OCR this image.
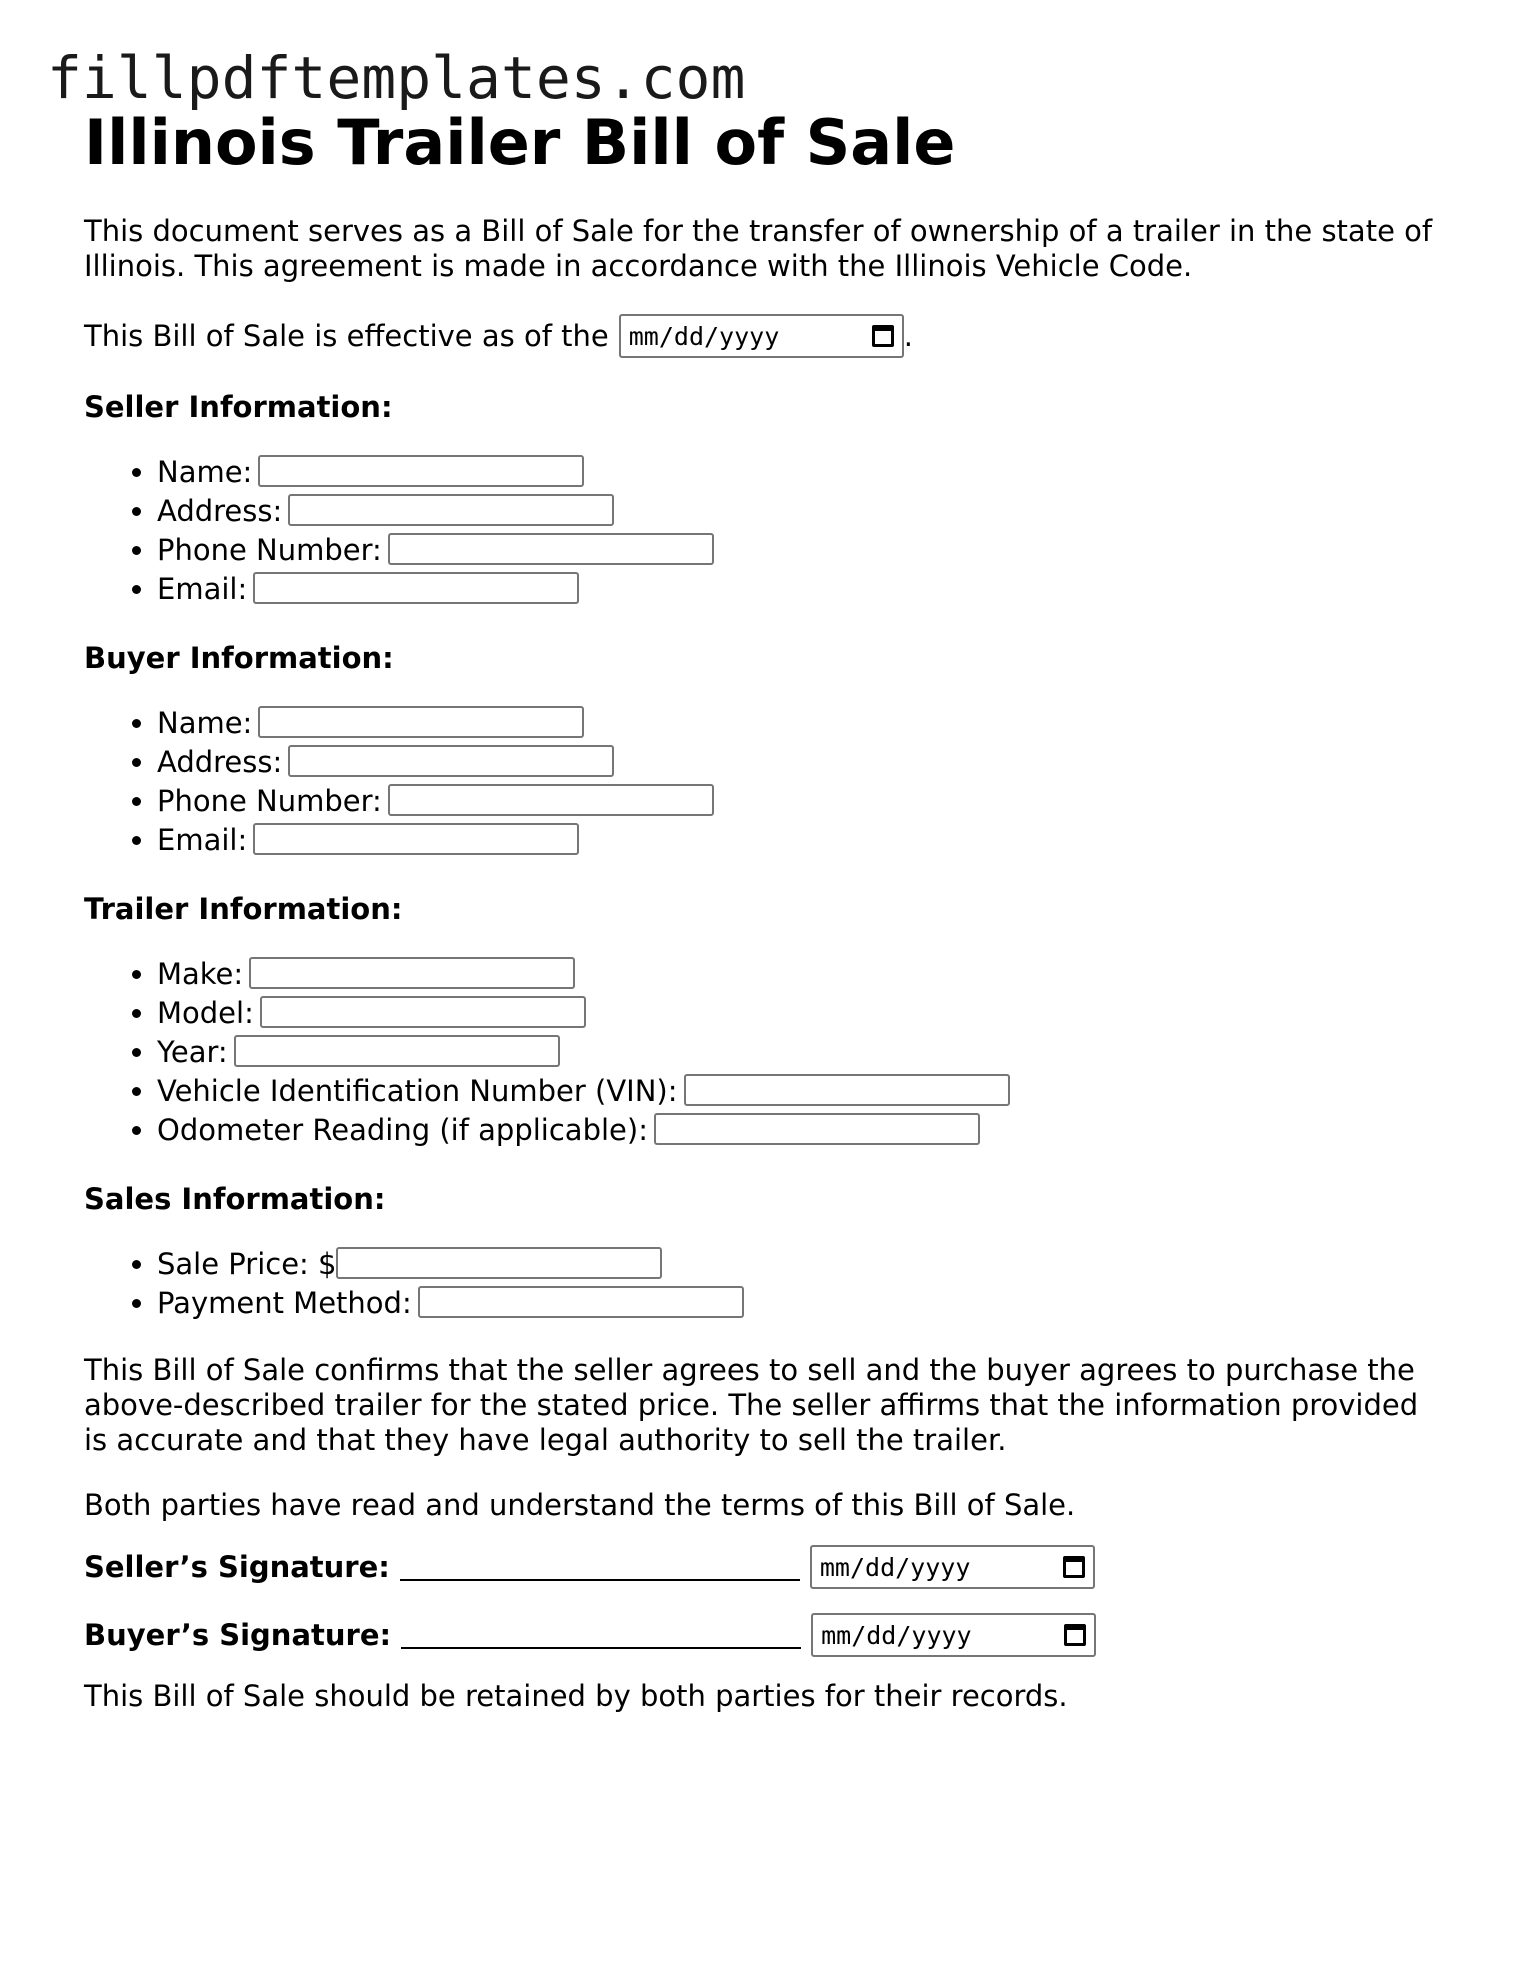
fillpdftemplates.com
Illinois Trailer Bill of Sale

This document serves as a Bill of Sale for the transfer of ownership of a trailer in the state of Illinois. This agreement is made in accordance with the Illinois Vehicle Code.

This Bill of Sale is effective as of the mm/dd/yyyy	.
Seller Information:
• Name:
• Address:
• Phone Number:
• Email:
Buyer Information:
• Name:
• Address:
• Phone Number:
• Email:
Trailer Information:
• Make:
• Model:
• Year:
• Vehicle Identification Number (VIN):
• Odometer Reading (if applicable):
Sales Information:
• Sale Price: $
• Payment Method:

This Bill of Sale confirms that the seller agrees to sell and the buyer agrees to purchase the above-described trailer for the stated price. The seller affirms that the information provided is accurate and that they have legal authority to sell the trailer.

Both parties have read and understand the terms of this Bill of Sale.

Seller’s Signature:	mm/dd/yyyy
Buyer’s Signature:	mm/dd/yyyy

This Bill of Sale should be retained by both parties for their records.
